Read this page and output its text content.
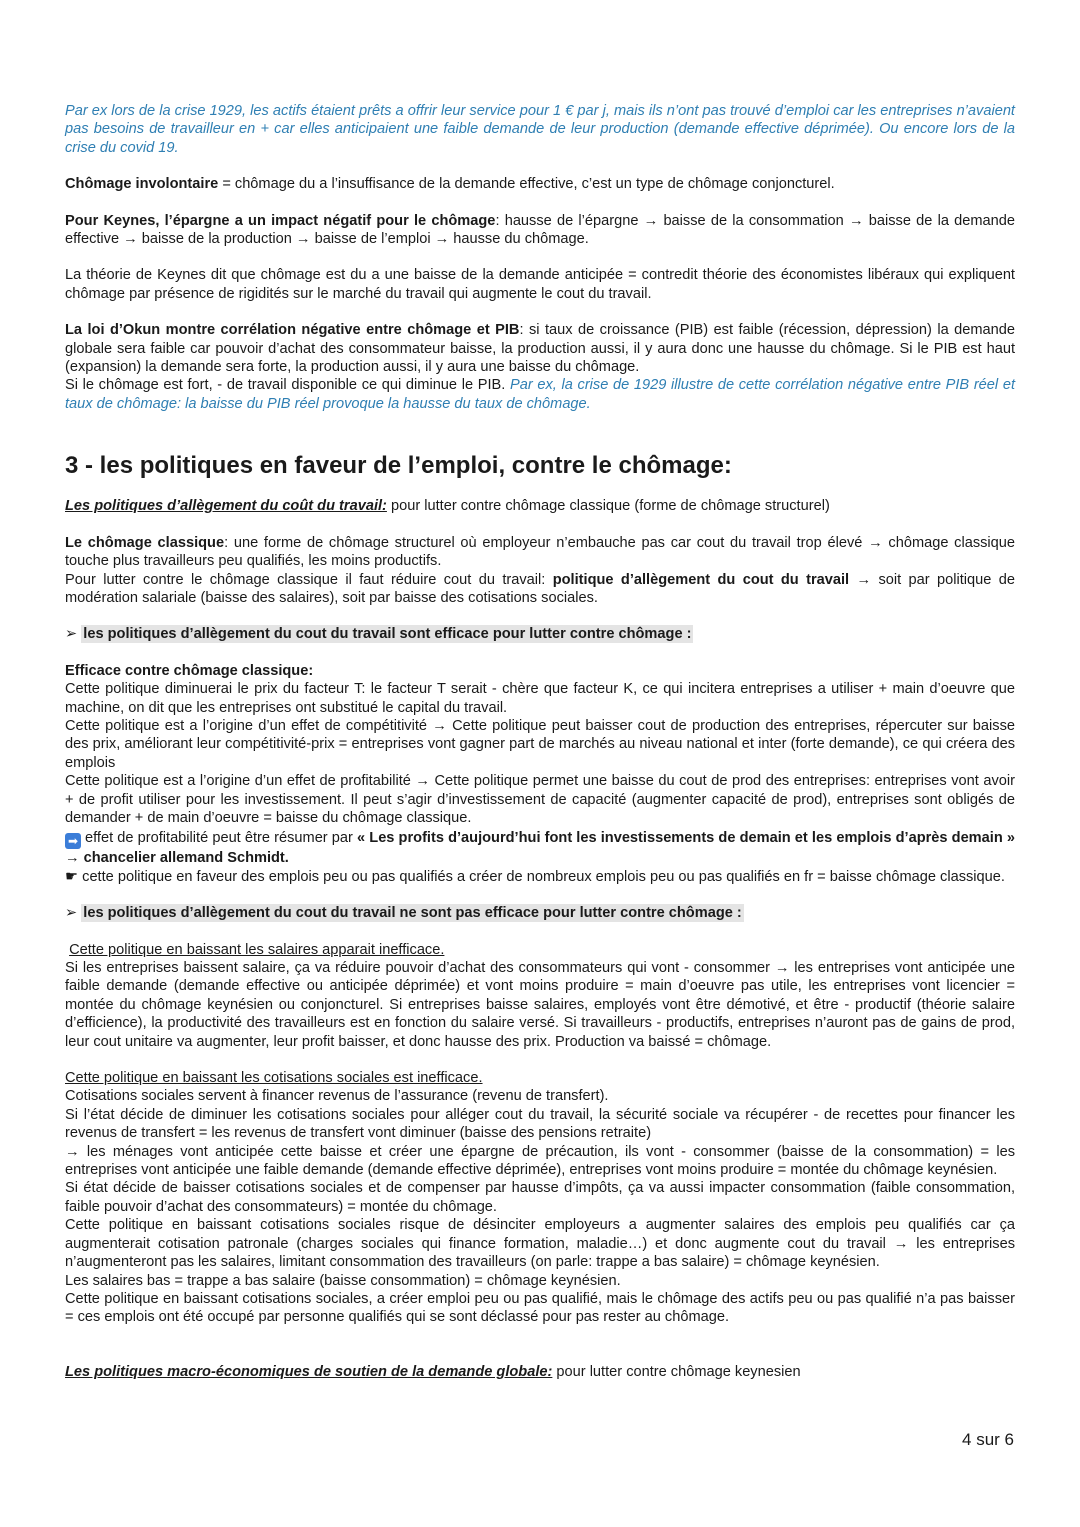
Par ex lors de la crise 1929, les actifs étaient prêts a offrir leur service pour 1 € par j, mais ils n’ont pas trouvé d’emploi car les entreprises n’avaient pas besoins de travailleur en + car elles anticipaient une faible demande de leur production (demande effective déprimée). Ou encore lors de la crise du covid 19.

Chômage involontaire = chômage du a l’insuffisance de la demande effective, c’est un type de chômage conjoncturel.

Pour Keynes, l’épargne a un impact négatif pour le chômage: hausse de l’épargne → baisse de la consommation → baisse de la demande effective → baisse de la production → baisse de l’emploi → hausse du chômage.

La théorie de Keynes dit que chômage est du a une baisse de la demande anticipée = contredit théorie des économistes libéraux qui expliquent chômage par présence de rigidités sur le marché du travail qui augmente le cout du travail.

La loi d’Okun montre corrélation négative entre chômage et PIB: si taux de croissance (PIB) est faible (récession, dépression) la demande globale sera faible car pouvoir d’achat des consommateur baisse, la production aussi, il y aura donc une hausse du chômage. Si le PIB est haut (expansion) la demande sera forte, la production aussi, il y aura une baisse du chômage.

Si le chômage est fort, - de travail disponible ce qui diminue le PIB. Par ex, la crise de 1929 illustre de cette corrélation négative entre PIB réel et taux de chômage: la baisse du PIB réel provoque la hausse du taux de chômage.

3 - les politiques en faveur de l’emploi, contre le chômage:

Les politiques d’allègement du coût du travail: pour lutter contre chômage classique (forme de chômage structurel)

Le chômage classique: une forme de chômage structurel où employeur n’embauche pas car cout du travail trop élevé → chômage classique touche plus travailleurs peu qualifiés, les moins productifs.

Pour lutter contre le chômage classique il faut réduire cout du travail: politique d’allègement du cout du travail → soit par politique de modération salariale (baisse des salaires), soit par baisse des cotisations sociales.

➢ les politiques d’allègement du cout du travail sont efficace pour lutter contre chômage :

Efficace contre chômage classique:

Cette politique diminuerai le prix du facteur T: le facteur T serait - chère que facteur K, ce qui incitera entreprises a utiliser + main d’oeuvre que machine, on dit que les entreprises ont substitué le capital du travail.

Cette politique est a l’origine d’un effet de compétitivité → Cette politique peut baisser cout de production des entreprises, répercuter sur baisse des prix, améliorant leur compétitivité-prix = entreprises vont gagner part de marchés au niveau national et inter (forte demande), ce qui créera des emplois

Cette politique est a l’origine d’un effet de profitabilité → Cette politique permet une baisse du cout de prod des entreprises: entreprises vont avoir + de profit utiliser pour les investissement. Il peut s’agir d’investissement de capacité (augmenter capacité de prod), entreprises sont obligés de demander + de main d’oeuvre = baisse du chômage classique.

➡ effet de profitabilité peut être résumer par « Les profits d’aujourd’hui font les investissements de demain et les emplois d’après demain » → chancelier allemand Schmidt.

☛ cette politique en faveur des emplois peu ou pas qualifiés a créer de nombreux emplois peu ou pas qualifiés en fr = baisse chômage classique.

➢ les politiques d’allègement du cout du travail ne sont pas efficace pour lutter contre chômage :

Cette politique en baissant les salaires apparait inefficace.

Si les entreprises baissent salaire, ça va réduire pouvoir d’achat des consommateurs qui vont - consommer → les entreprises vont anticipée une faible demande (demande effective ou anticipée déprimée) et vont moins produire = main d’oeuvre pas utile, les entreprises vont licencier = montée du chômage keynésien ou conjoncturel. Si entreprises baisse salaires, employés vont être démotivé, et être - productif (théorie salaire d’efficience), la productivité des travailleurs est en fonction du salaire versé. Si travailleurs - productifs, entreprises n’auront pas de gains de prod, leur cout unitaire va augmenter, leur profit baisser, et donc hausse des prix. Production va baissé = chômage.

Cette politique en baissant les cotisations sociales est inefficace.

Cotisations sociales servent à financer revenus de l’assurance (revenu de transfert).

Si l’état décide de diminuer les cotisations sociales pour alléger cout du travail, la sécurité sociale va récupérer - de recettes pour financer les revenus de transfert = les revenus de transfert vont diminuer (baisse des pensions retraite)

→ les ménages vont anticipée cette baisse et créer une épargne de précaution, ils vont - consommer (baisse de la consommation) = les entreprises vont anticipée une faible demande (demande effective déprimée), entreprises vont moins produire = montée du chômage keynésien.

Si état décide de baisser cotisations sociales et de compenser par hausse d’impôts, ça va aussi impacter consommation (faible consommation, faible pouvoir d’achat des consommateurs) = montée du chômage.

Cette politique en baissant cotisations sociales risque de désinciter employeurs a augmenter salaires des emplois peu qualifiés car ça augmenterait cotisation patronale (charges sociales qui finance formation, maladie…) et donc augmente cout du travail → les entreprises n’augmenteront pas les salaires, limitant consommation des travailleurs (on parle: trappe a bas salaire) = chômage keynésien.

Les salaires bas = trappe a bas salaire (baisse consommation) = chômage keynésien.

Cette politique en baissant cotisations sociales, a créer emploi peu ou pas qualifié, mais le chômage des actifs peu ou pas qualifié n’a pas baisser = ces emplois ont été occupé par personne qualifiés qui se sont déclassé pour pas rester au chômage.

Les politiques macro-économiques de soutien de la demande globale: pour lutter contre chômage keynesien

4 sur 6
